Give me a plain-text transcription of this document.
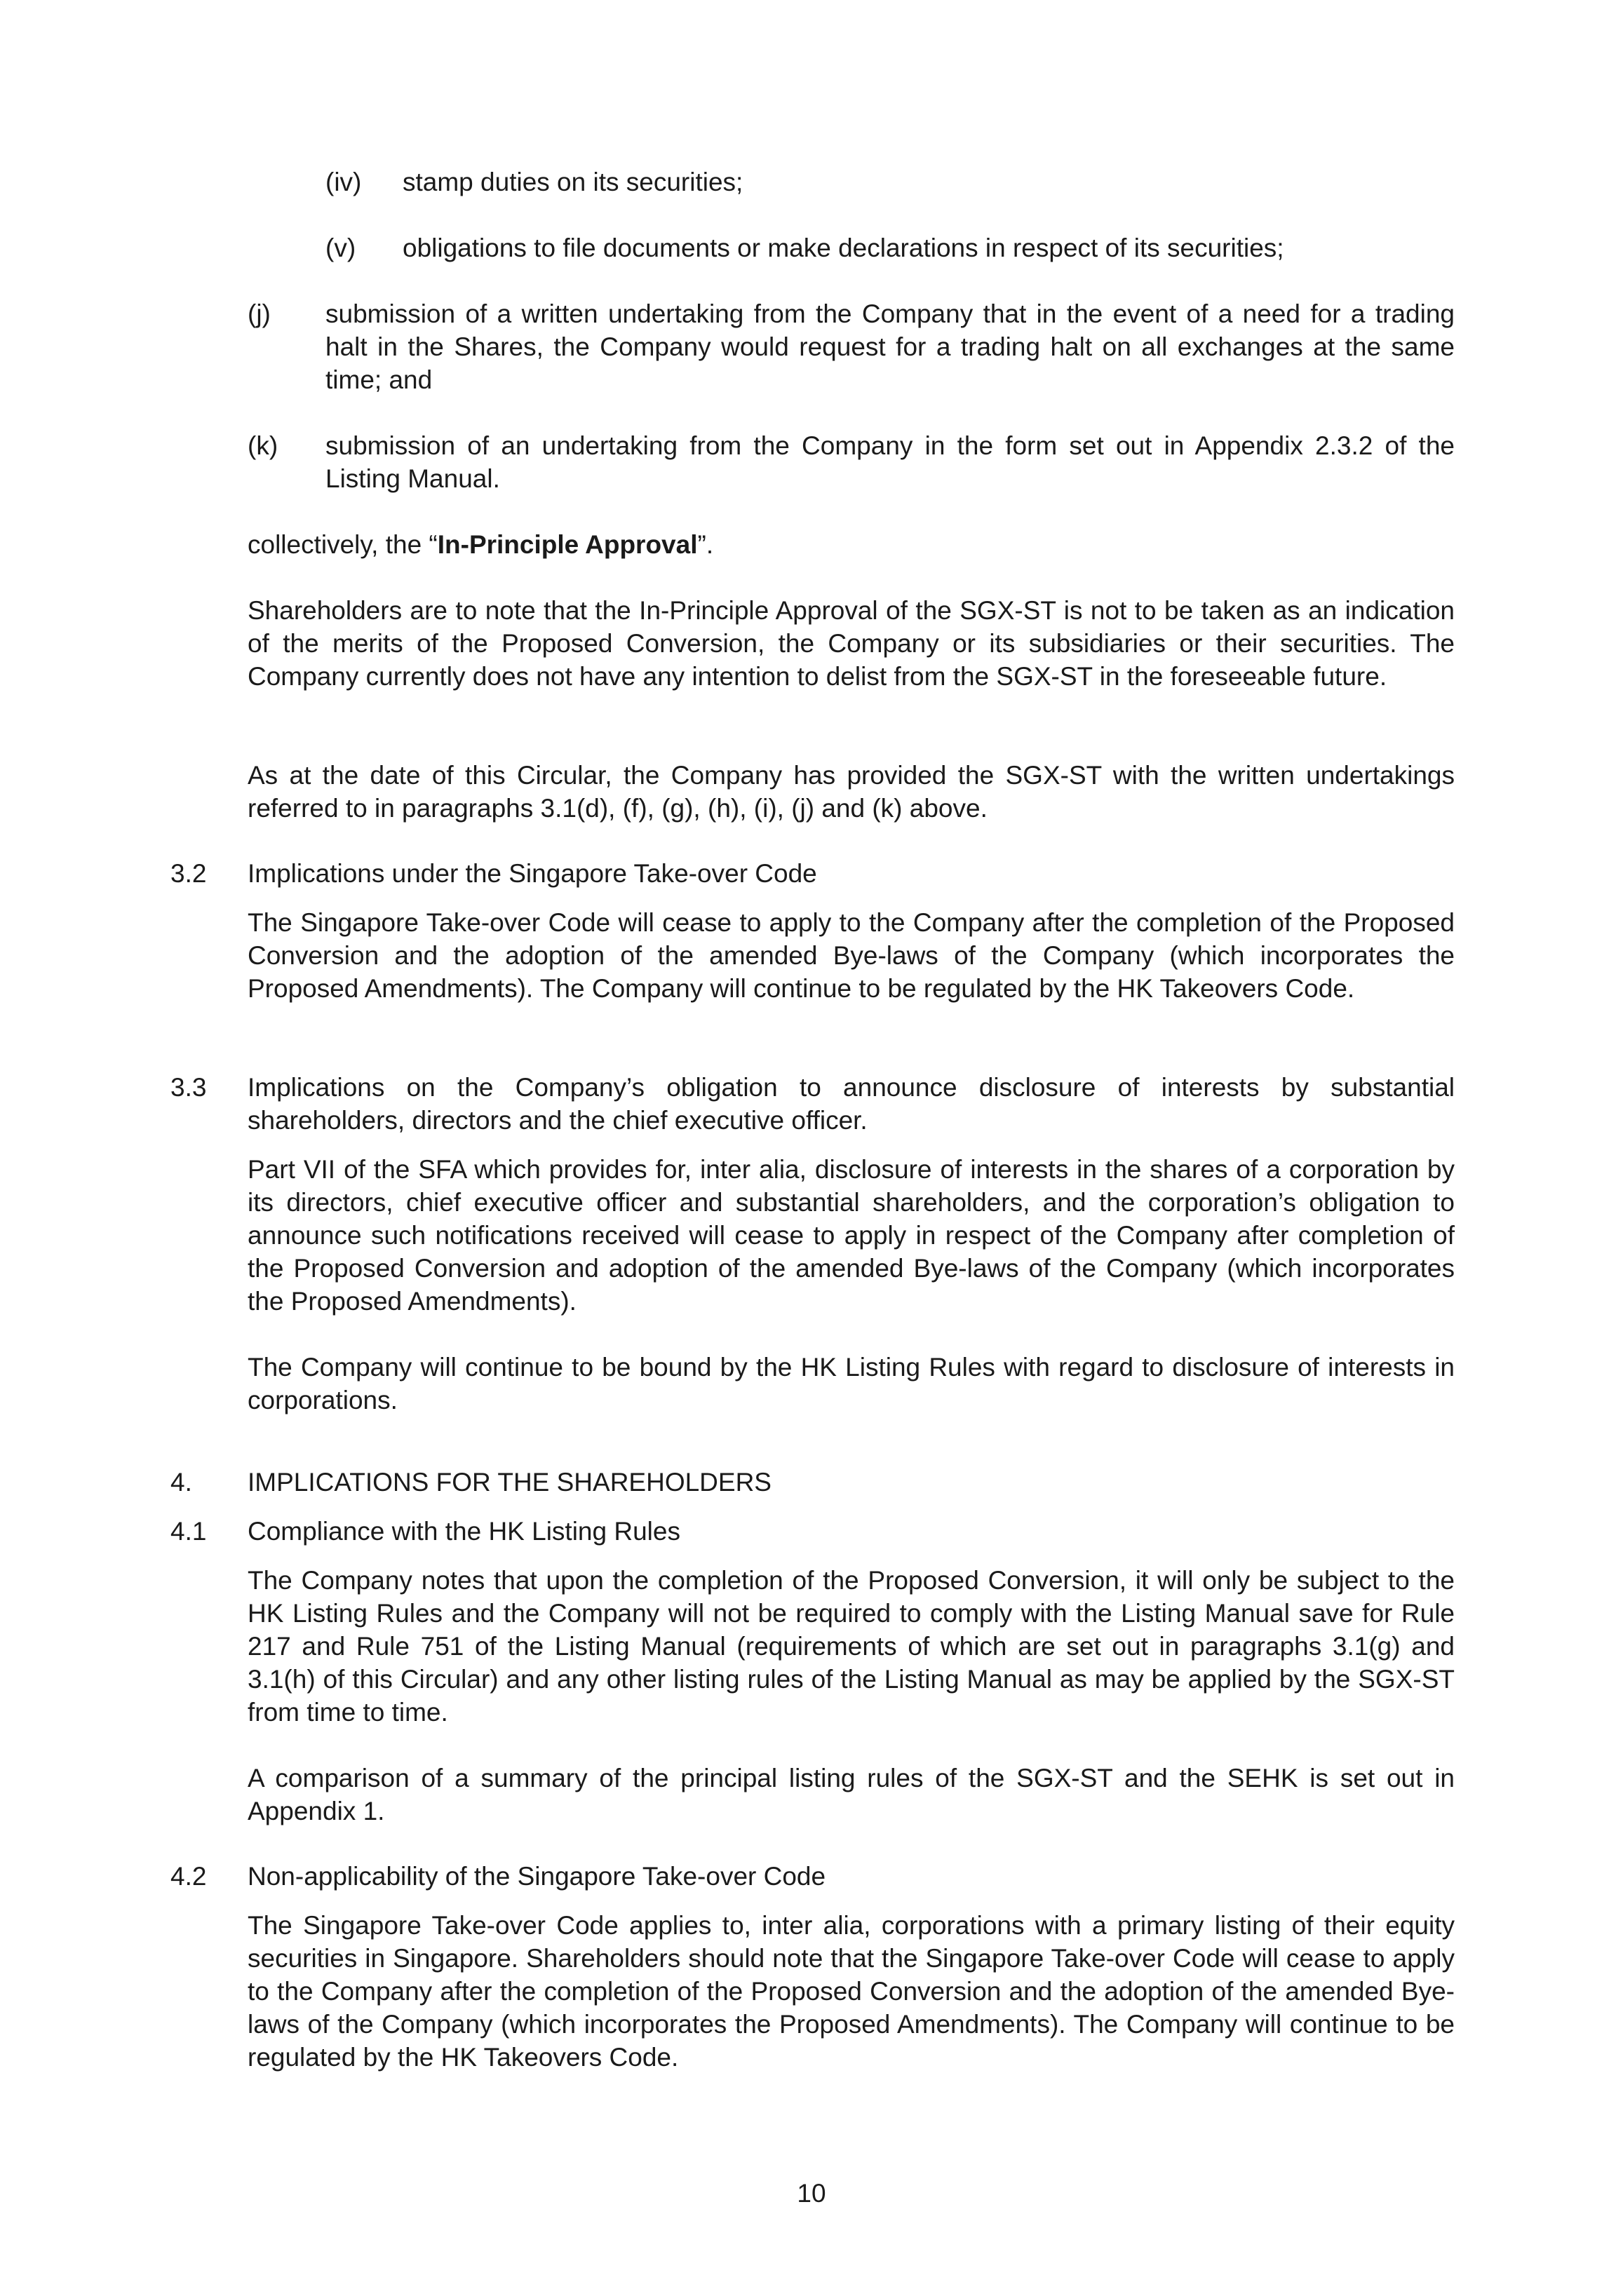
(iv) stamp duties on its securities;
(v) obligations to file documents or make declarations in respect of its securities;
(j) submission of a written undertaking from the Company that in the event of a need for a trading halt in the Shares, the Company would request for a trading halt on all exchanges at the same time; and

(k) submission of an undertaking from the Company in the form set out in Appendix 2.3.2 of the Listing Manual.

collectively, the “In-Principle Approval”.

Shareholders are to note that the In-Principle Approval of the SGX-ST is not to be taken as an indication of the merits of the Proposed Conversion, the Company or its subsidiaries or their securities. The Company currently does not have any intention to delist from the SGX-ST in the foreseeable future.

As at the date of this Circular, the Company has provided the SGX-ST with the written undertakings referred to in paragraphs 3.1(d), (f), (g), (h), (i), (j) and (k) above.

3.2 Implications under the Singapore Take-over Code

The Singapore Take-over Code will cease to apply to the Company after the completion of the Proposed Conversion and the adoption of the amended Bye-laws of the Company (which incorporates the Proposed Amendments). The Company will continue to be regulated by the HK Takeovers Code.

3.3 Implications on the Company’s obligation to announce disclosure of interests by substantial shareholders, directors and the chief executive officer.

Part VII of the SFA which provides for, inter alia, disclosure of interests in the shares of a corporation by its directors, chief executive officer and substantial shareholders, and the corporation’s obligation to announce such notifications received will cease to apply in respect of the Company after completion of the Proposed Conversion and adoption of the amended Bye-laws of the Company (which incorporates the Proposed Amendments).

The Company will continue to be bound by the HK Listing Rules with regard to disclosure of interests in corporations.

4. IMPLICATIONS FOR THE SHAREHOLDERS
4.1 Compliance with the HK Listing Rules

The Company notes that upon the completion of the Proposed Conversion, it will only be subject to the HK Listing Rules and the Company will not be required to comply with the Listing Manual save for Rule 217 and Rule 751 of the Listing Manual (requirements of which are set out in paragraphs 3.1(g) and 3.1(h) of this Circular) and any other listing rules of the Listing Manual as may be applied by the SGX-ST from time to time.

A comparison of a summary of the principal listing rules of the SGX-ST and the SEHK is set out in Appendix 1.

4.2 Non-applicability of the Singapore Take-over Code

The Singapore Take-over Code applies to, inter alia, corporations with a primary listing of their equity securities in Singapore. Shareholders should note that the Singapore Take-over Code will cease to apply to the Company after the completion of the Proposed Conversion and the adoption of the amended Bye-laws of the Company (which incorporates the Proposed Amendments). The Company will continue to be regulated by the HK Takeovers Code.

10
